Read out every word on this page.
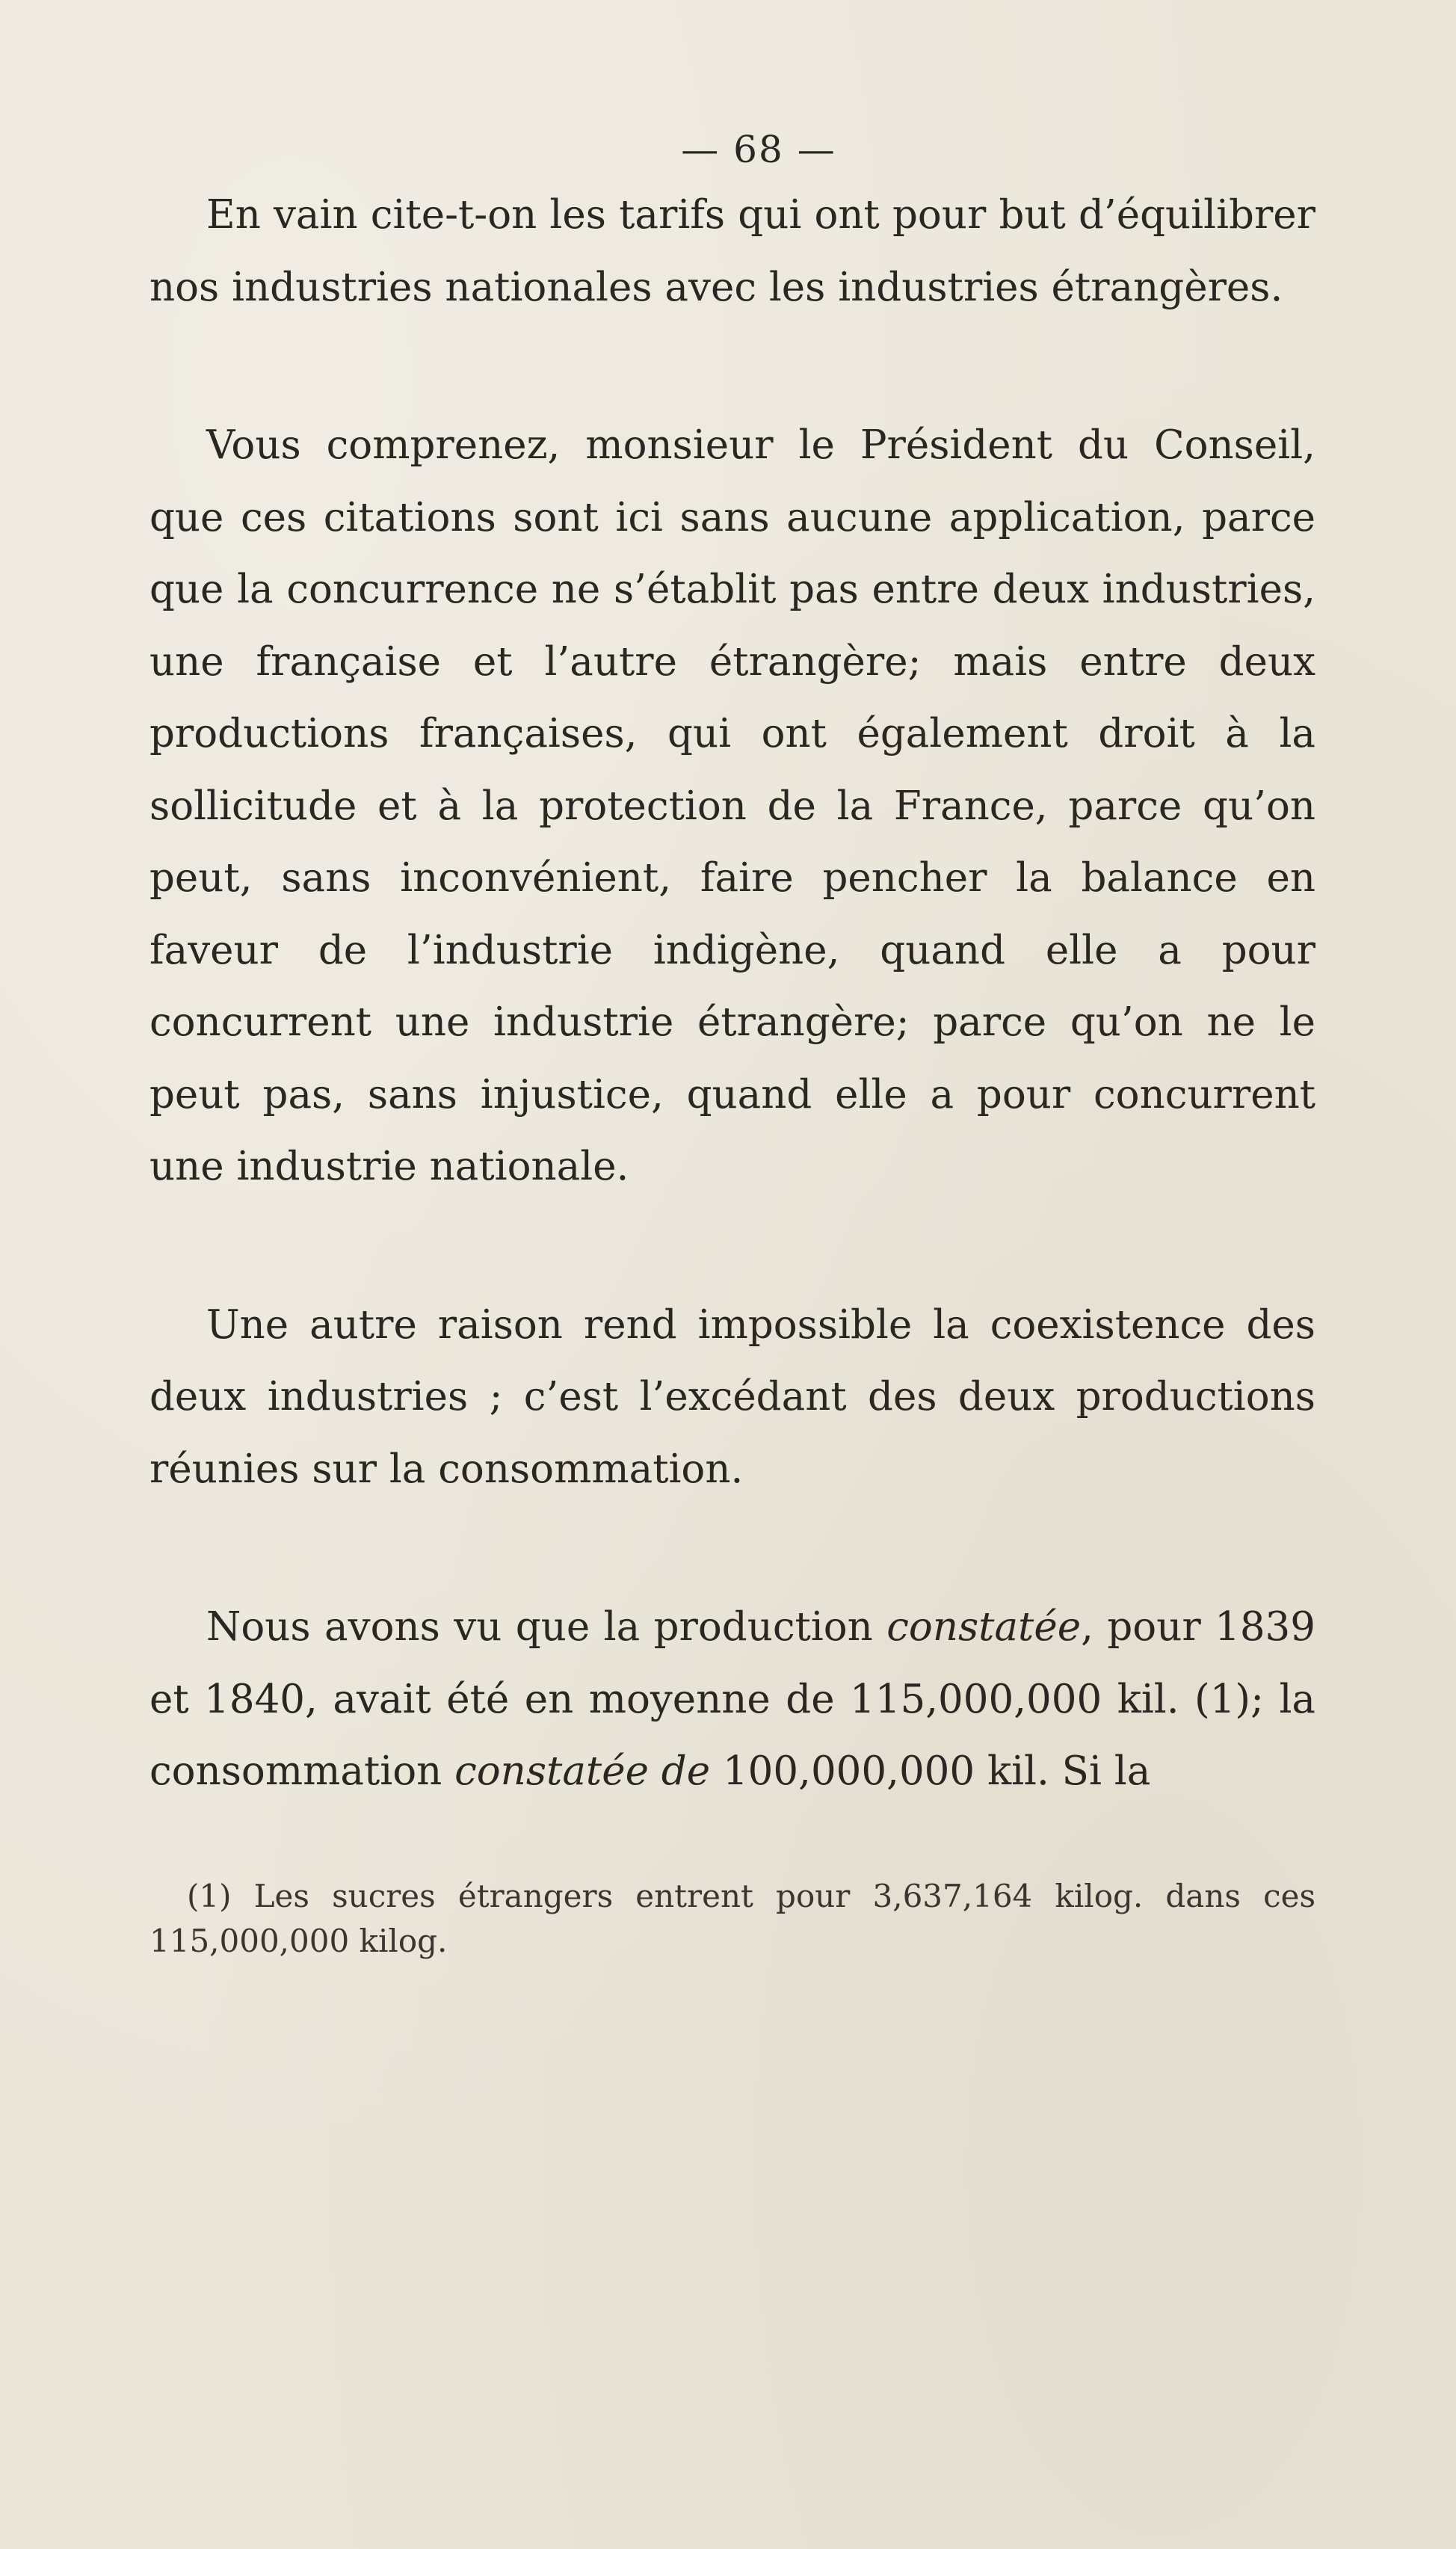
— 68 —

En vain cite-t-on les tarifs qui ont pour but d’équilibrer nos industries nationales avec les industries étrangères.

Vous comprenez, monsieur le Président du Conseil, que ces citations sont ici sans aucune application, parce que la concurrence ne s’établit pas entre deux industries, une française et l’autre étrangère; mais entre deux productions françaises, qui ont également droit à la sollicitude et à la protection de la France, parce qu’on peut, sans inconvénient, faire pencher la balance en faveur de l’industrie indigène, quand elle a pour concurrent une industrie étrangère; parce qu’on ne le peut pas, sans injustice, quand elle a pour concurrent une industrie nationale.

Une autre raison rend impossible la coexistence des deux industries ; c’est l’excédant des deux productions réunies sur la consommation.

Nous avons vu que la production constatée, pour 1839 et 1840, avait été en moyenne de 115,000,000 kil. (1); la consommation constatée de 100,000,000 kil. Si la

(1) Les sucres étrangers entrent pour 3,637,164 kilog. dans ces 115,000,000 kilog.
